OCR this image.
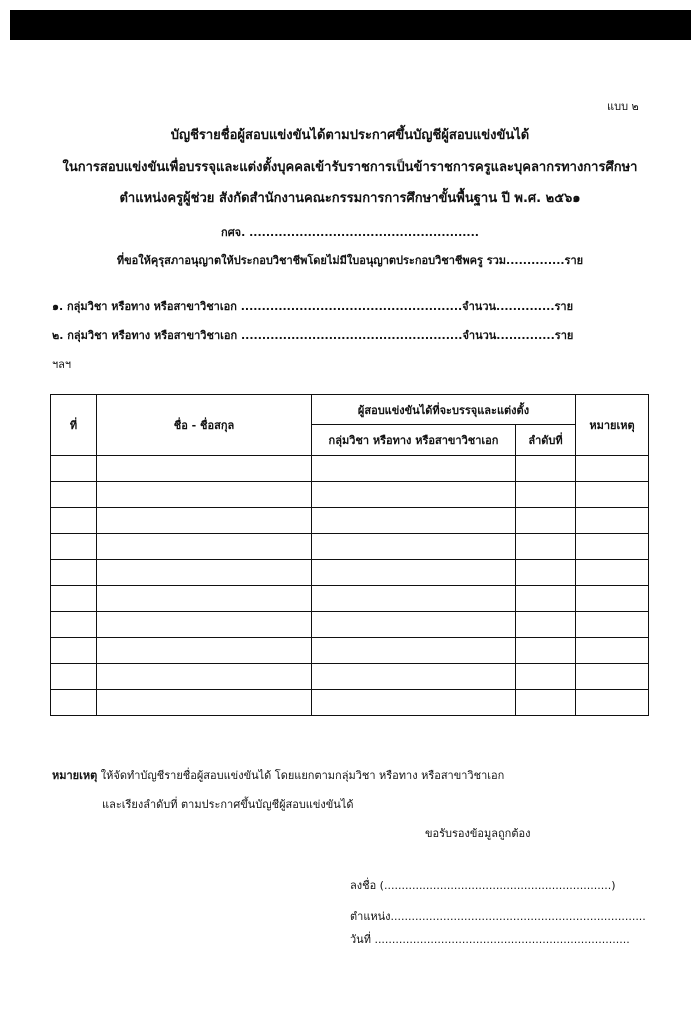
แบบ ๒
บัญชีรายชื่อผู้สอบแข่งขันได้ตามประกาศขึ้นบัญชีผู้สอบแข่งขันได้
ในการสอบแข่งขันเพื่อบรรจุและแต่งตั้งบุคคลเข้ารับราชการเป็นข้าราชการครูและบุคลากรทางการศึกษา
ตำแหน่งครูผู้ช่วย สังกัดสำนักงานคณะกรรมการการศึกษาขั้นพื้นฐาน ปี พ.ศ. ๒๕๖๑
กศจ. .......................................................
ที่ขอให้คุรุสภาอนุญาตให้ประกอบวิชาชีพโดยไม่มีใบอนุญาตประกอบวิชาชีพครู รวม..............ราย
๑. กลุ่มวิชา หรือทาง หรือสาขาวิชาเอก .....................................................จำนวน..............ราย
๒. กลุ่มวิชา หรือทาง หรือสาขาวิชาเอก .....................................................จำนวน..............ราย
ฯลฯ
ที่	ชื่อ - ชื่อสกุล	ผู้สอบแข่งขันได้ที่จะบรรจุและแต่งตั้ง		หมายเหตุ
		กลุ่มวิชา หรือทาง หรือสาขาวิชาเอก	ลำดับที่	

หมายเหตุ ให้จัดทำบัญชีรายชื่อผู้สอบแข่งขันได้ โดยแยกตามกลุ่มวิชา หรือทาง หรือสาขาวิชาเอก
และเรียงลำดับที่ ตามประกาศขึ้นบัญชีผู้สอบแข่งขันได้
ขอรับรองข้อมูลถูกต้อง
ลงชื่อ (.................................................................)
ตำแหน่ง.........................................................................
วันที่ .........................................................................
